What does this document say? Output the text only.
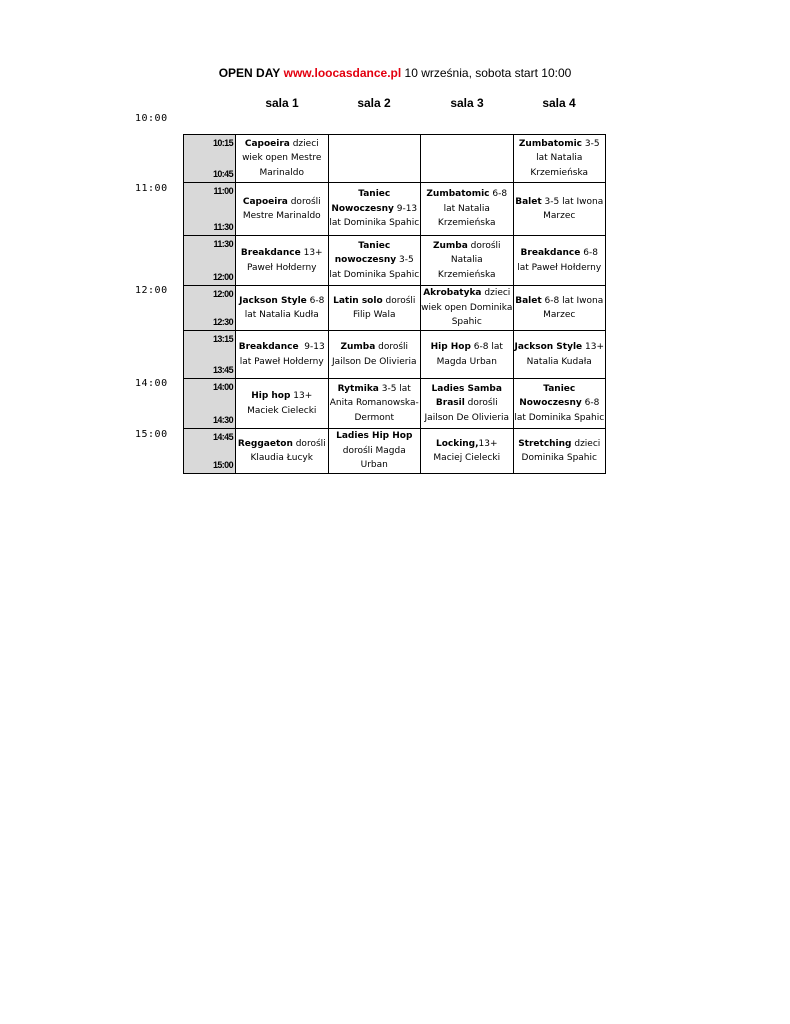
OPEN DAY www.loocasdance.pl 10 września, sobota start 10:00
sala 1	sala 2	sala 3	sala 4
10:00
11:00
12:00
14:00
15:00
10:15
10:45	Capoeira dzieci wiek open Mestre Marinaldo			Zumbatomic 3-5 lat Natalia Krzemieńska

11:00
11:30	Capoeira dorośli Mestre Marinaldo	Taniec Nowoczesny 9-13 lat Dominika Spahic	Zumbatomic 6-8 lat Natalia Krzemieńska	Balet 3-5 lat Iwona Marzec

11:30
12:00	Breakdance 13+ Paweł Hołderny	Taniec nowoczesny 3-5 lat Dominika Spahic	Zumba dorośli Natalia Krzemieńska	Breakdance 6-8 lat Paweł Hołderny

12:00
12:30	Jackson Style 6-8 lat Natalia Kudła	Latin solo dorośli Filip Wala	Akrobatyka dzieci wiek open Dominika Spahic	Balet 6-8 lat Iwona Marzec

13:15
13:45	Breakdance  9-13 lat Paweł Hołderny	Zumba dorośli Jailson De Olivieria	Hip Hop 6-8 lat Magda Urban	Jackson Style 13+ Natalia Kudała

14:00
14:30	Hip hop 13+ Maciek Cielecki	Rytmika 3-5 lat Anita Romanowska-Dermont	Ladies Samba Brasil dorośli Jailson De Olivieria	Taniec Nowoczesny 6-8 lat Dominika Spahic

14:45
15:00	Reggaeton dorośli Klaudia Łucyk	Ladies Hip Hop dorośli Magda Urban	Locking,13+ Maciej Cielecki	Stretching dzieci Dominika Spahic
